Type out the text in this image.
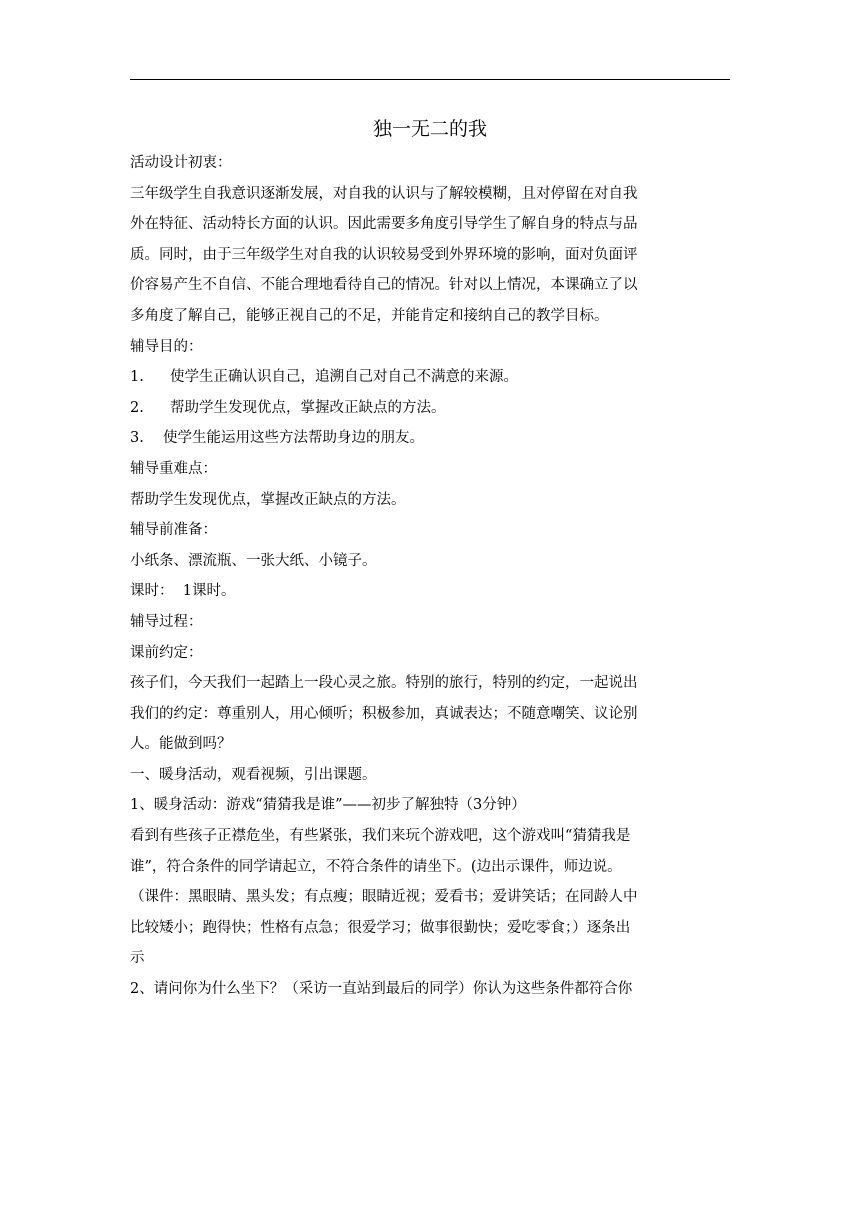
独一无二的我

活动设计初衷：

三年级学生自我意识逐渐发展，对自我的认识与了解较模糊，且对停留在对自我
外在特征、活动特长方面的认识。因此需要多角度引导学生了解自身的特点与品
质。同时，由于三年级学生对自我的认识较易受到外界环境的影响，面对负面评
价容易产生不自信、不能合理地看待自己的情况。针对以上情况，本课确立了以
多角度了解自己，能够正视自己的不足，并能肯定和接纳自己的教学目标。

辅导目的：

1. 使学生正确认识自己，追溯自己对自己不满意的来源。

2. 帮助学生发现优点，掌握改正缺点的方法。

3. 使学生能运用这些方法帮助身边的朋友。

辅导重难点：

帮助学生发现优点，掌握改正缺点的方法。

辅导前准备：

小纸条、漂流瓶、一张大纸、小镜子。

课时：  1课时。

辅导过程：

课前约定：

孩子们，今天我们一起踏上一段心灵之旅。特别的旅行，特别的约定，一起说出
我们的约定：尊重别人，用心倾听；积极参加，真诚表达；不随意嘲笑、议论别
人。能做到吗？

一、暖身活动，观看视频，引出课题。

1、暖身活动：游戏“猜猜我是谁”——初步了解独特（3分钟）

看到有些孩子正襟危坐，有些紧张，我们来玩个游戏吧，这个游戏叫“猜猜我是
谁”，符合条件的同学请起立，不符合条件的请坐下。(边出示课件，师边说。
（课件：黑眼睛、黑头发；有点瘦；眼睛近视；爱看书；爱讲笑话；在同龄人中
比较矮小；跑得快；性格有点急；很爱学习；做事很勤快；爱吃零食；）逐条出
示

2、请问你为什么坐下？（采访一直站到最后的同学）你认为这些条件都符合你
